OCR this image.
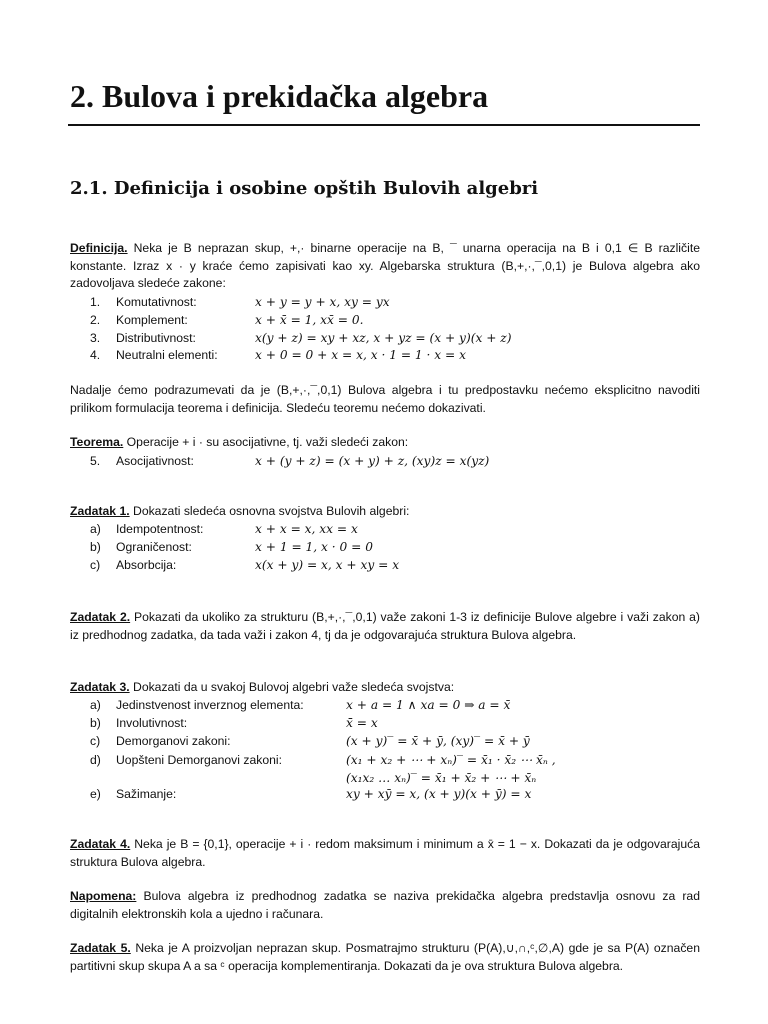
2. Bulova i prekidačka algebra
2.1. Definicija i osobine opštih Bulovih algebri

Definicija. Neka je B neprazan skup, +,· binarne operacije na B, ¯ unarna operacija na B i 0,1 ∈ B različite konstante. Izraz x · y kraće ćemo zapisivati kao xy. Algebarska struktura (B,+,·,¯,0,1) je Bulova algebra ako zadovoljava sledeće zakone:

1. Komutativnost:	x + y = y + x, xy = yx
2. Komplement:	x + x̄ = 1, xx̄ = 0.
3. Distributivnost:	x(y + z) = xy + xz, x + yz = (x + y)(x + z)
4. Neutralni elementi:	x + 0 = 0 + x = x, x · 1 = 1 · x = x

Nadalje ćemo podrazumevati da je (B,+,·,¯,0,1) Bulova algebra i tu predpostavku nećemo eksplicitno navoditi prilikom formulacija teorema i definicija. Sledeću teoremu nećemo dokazivati.

Teorema. Operacije + i · su asocijativne, tj. važi sledeći zakon:

5. Asocijativnost:	x + (y + z) = (x + y) + z, (xy)z = x(yz)

Zadatak 1. Dokazati sledeća osnovna svojstva Bulovih algebri:

a) Idempotentnost:	x + x = x, xx = x
b) Ograničenost:	x + 1 = 1, x · 0 = 0
c) Absorbcija:	x(x + y) = x, x + xy = x

Zadatak 2. Pokazati da ukoliko za strukturu (B,+,·,¯,0,1) važe zakoni 1-3 iz definicije Bulove algebre i važi zakon a) iz predhodnog zadatka, da tada važi i zakon 4, tj da je odgovarajuća struktura Bulova algebra.

Zadatak 3. Dokazati da u svakoj Bulovoj algebri važe sledeća svojstva:

a) Jedinstvenost inverznog elementa:	x + a = 1 ∧ xa = 0 ⇒ a = x̄
b) Involutivnost:	x̄̄ = x
c) Demorganovi zakoni:	(x + y)‾ = x̄ + ȳ, (xy)‾ = x̄ + ȳ
d) Uopšteni Demorganovi zakoni:	(x₁ + x₂ + ⋯ + xₙ)‾ = x̄₁ · x̄₂ ⋯ x̄ₙ ,
(x₁x₂ … xₙ)‾ = x̄₁ + x̄₂ + ⋯ + x̄ₙ
e) Sažimanje:	xy + xȳ = x, (x + y)(x + ȳ) = x

Zadatak 4. Neka je B = {0,1}, operacije + i · redom maksimum i minimum a x̄ = 1 − x. Dokazati da je odgovarajuća struktura Bulova algebra.

Napomena: Bulova algebra iz predhodnog zadatka se naziva prekidačka algebra predstavlja osnovu za rad digitalnih elektronskih kola a ujedno i računara.

Zadatak 5. Neka je A proizvoljan neprazan skup. Posmatrajmo strukturu (P(A),∪,∩,ᶜ,∅,A) gde je sa P(A) označen partitivni skup skupa A a sa ᶜ operacija komplementiranja. Dokazati da je ova struktura Bulova algebra.
